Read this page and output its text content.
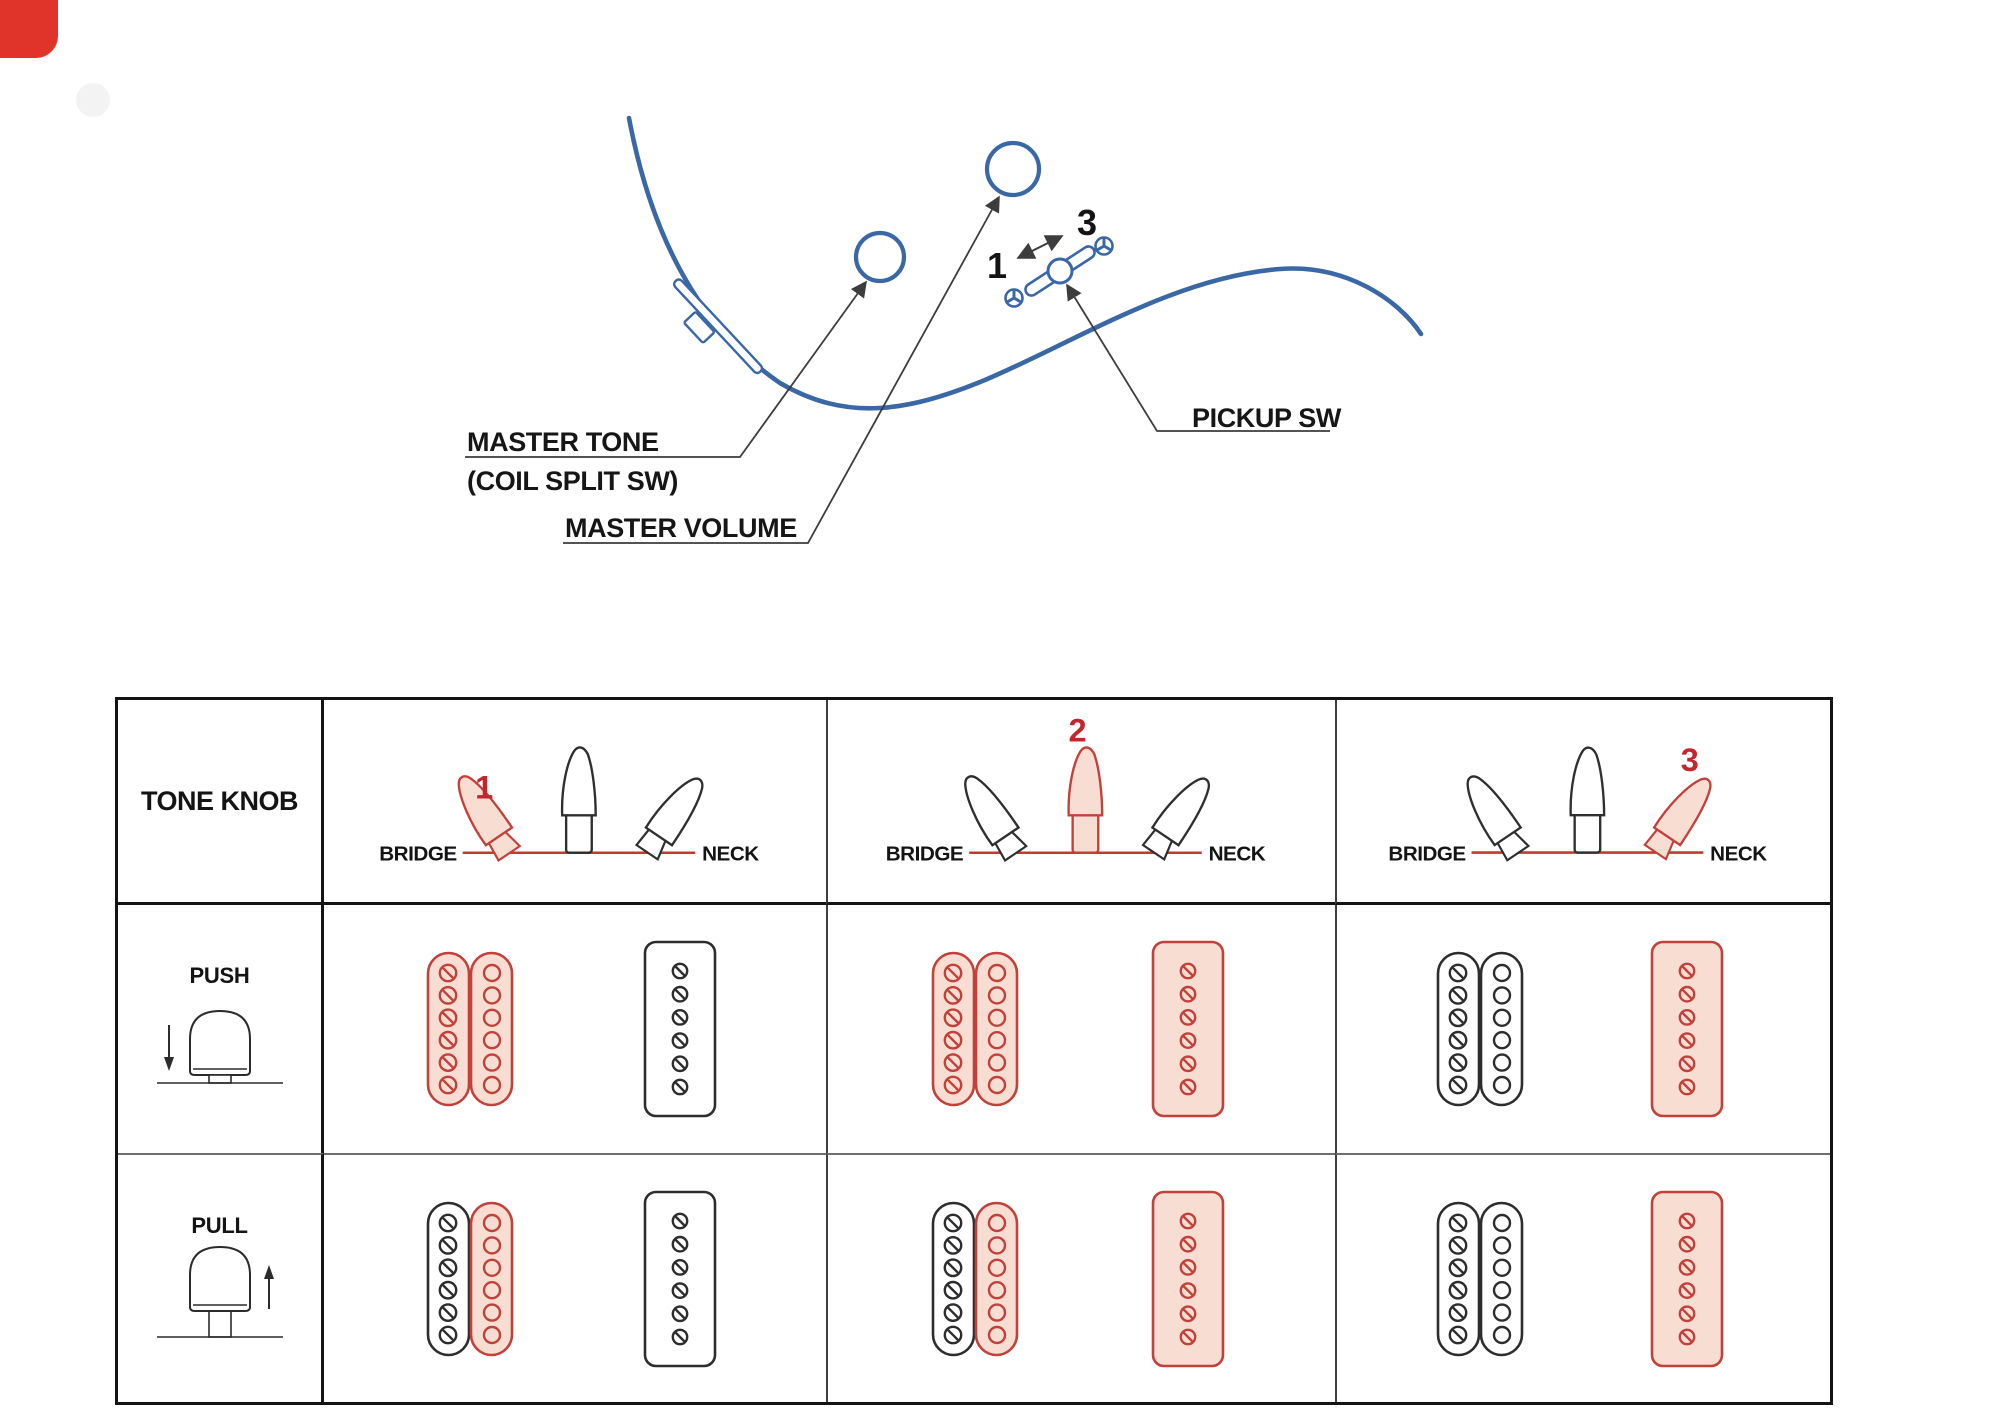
1
3
MASTER TONE
(COIL SPLIT SW)
MASTER VOLUME
PICKUP SW
TONE KNOB
BRIDGE	NECK
1
BRIDGE	NECK
2
BRIDGE	NECK
3
PUSH
PULL
